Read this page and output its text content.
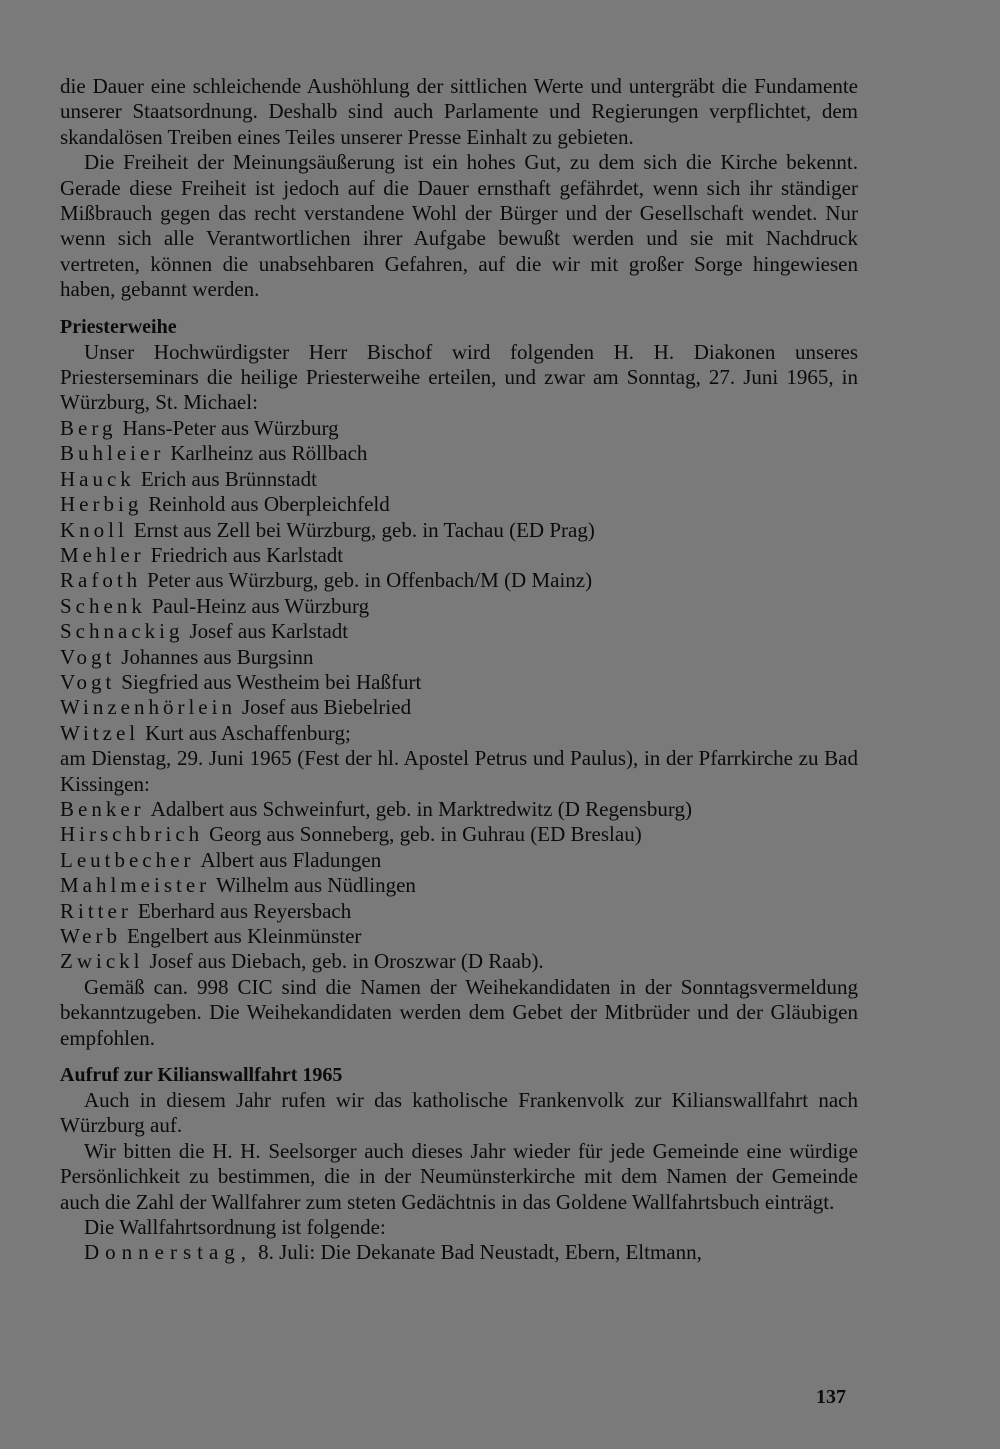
die Dauer eine schleichende Aushöhlung der sittlichen Werte und untergräbt die Fundamente unserer Staatsordnung. Deshalb sind auch Parlamente und Regierungen verpflichtet, dem skandalösen Treiben eines Teiles unserer Presse Einhalt zu gebieten.

Die Freiheit der Meinungsäußerung ist ein hohes Gut, zu dem sich die Kirche bekennt. Gerade diese Freiheit ist jedoch auf die Dauer ernsthaft gefährdet, wenn sich ihr ständiger Mißbrauch gegen das recht verstandene Wohl der Bürger und der Gesellschaft wendet. Nur wenn sich alle Verantwortlichen ihrer Aufgabe bewußt werden und sie mit Nachdruck vertreten, können die unabsehbaren Gefahren, auf die wir mit großer Sorge hingewiesen haben, gebannt werden.

Priesterweihe

Unser Hochwürdigster Herr Bischof wird folgenden H. H. Diakonen unseres Priesterseminars die heilige Priesterweihe erteilen, und zwar am Sonntag, 27. Juni 1965, in Würzburg, St. Michael:

Berg Hans-Peter aus Würzburg
Buhleier Karlheinz aus Röllbach
Hauck Erich aus Brünnstadt
Herbig Reinhold aus Oberpleichfeld
Knoll Ernst aus Zell bei Würzburg, geb. in Tachau (ED Prag)
Mehler Friedrich aus Karlstadt
Rafoth Peter aus Würzburg, geb. in Offenbach/M (D Mainz)
Schenk Paul-Heinz aus Würzburg
Schnackig Josef aus Karlstadt
Vogt Johannes aus Burgsinn
Vogt Siegfried aus Westheim bei Haßfurt
Winzenhörlein Josef aus Biebelried
Witzel Kurt aus Aschaffenburg;

am Dienstag, 29. Juni 1965 (Fest der hl. Apostel Petrus und Paulus), in der Pfarrkirche zu Bad Kissingen:

Benker Adalbert aus Schweinfurt, geb. in Marktredwitz (D Regensburg)
Hirschbrich Georg aus Sonneberg, geb. in Guhrau (ED Breslau)
Leutbecher Albert aus Fladungen
Mahlmeister Wilhelm aus Nüdlingen
Ritter Eberhard aus Reyersbach
Werb Engelbert aus Kleinmünster
Zwickl Josef aus Diebach, geb. in Oroszwar (D Raab).

Gemäß can. 998 CIC sind die Namen der Weihekandidaten in der Sonntagsvermeldung bekanntzugeben. Die Weihekandidaten werden dem Gebet der Mitbrüder und der Gläubigen empfohlen.

Aufruf zur Kilianswallfahrt 1965

Auch in diesem Jahr rufen wir das katholische Frankenvolk zur Kilianswallfahrt nach Würzburg auf.

Wir bitten die H. H. Seelsorger auch dieses Jahr wieder für jede Gemeinde eine würdige Persönlichkeit zu bestimmen, die in der Neumünsterkirche mit dem Namen der Gemeinde auch die Zahl der Wallfahrer zum steten Gedächtnis in das Goldene Wallfahrtsbuch einträgt.

Die Wallfahrtsordnung ist folgende:

Donnerstag, 8. Juli: Die Dekanate Bad Neustadt, Ebern, Eltmann,

137
